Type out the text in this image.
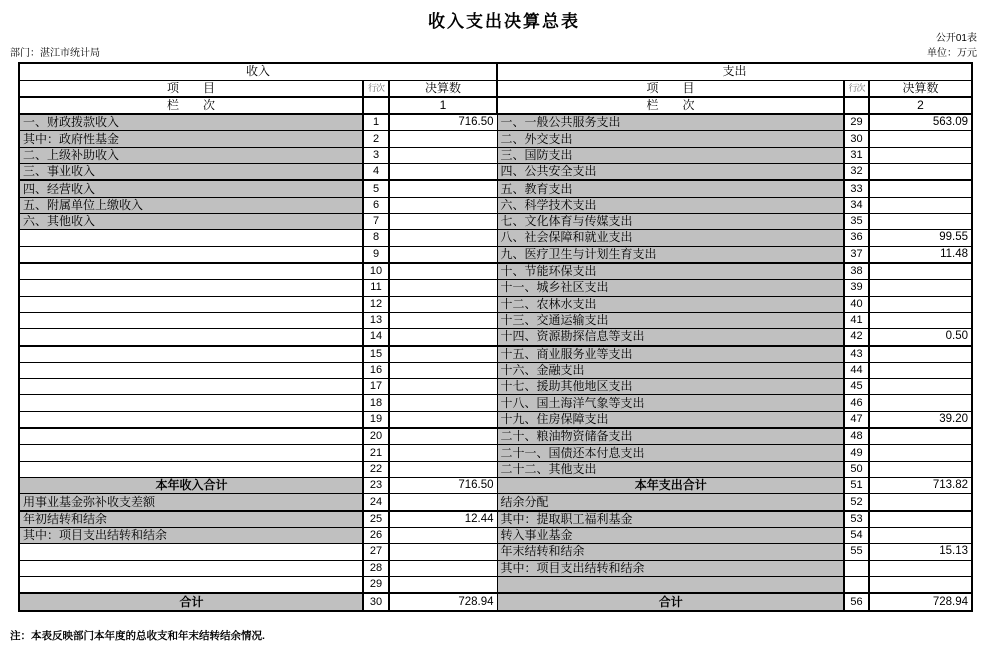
收入支出决算总表
公开01表
部门：湛江市统计局	单位：万元
收入			支出		
项　　目	行次	决算数	项　　目	行次	决算数
栏　　次		1	栏　　次		2
一、财政拨款收入	1	716.50	一、一般公共服务支出	29	563.09
其中：政府性基金	2		二、外交支出	30	
二、上级补助收入	3		三、国防支出	31	
三、事业收入	4		四、公共安全支出	32	
四、经营收入	5		五、教育支出	33	
五、附属单位上缴收入	6		六、科学技术支出	34	
六、其他收入	7		七、文化体育与传媒支出	35	
	8		八、社会保障和就业支出	36	99.55
	9		九、医疗卫生与计划生育支出	37	11.48
	10		十、节能环保支出	38	
	11		十一、城乡社区支出	39	
	12		十二、农林水支出	40	
	13		十三、交通运输支出	41	
	14		十四、资源勘探信息等支出	42	0.50
	15		十五、商业服务业等支出	43	
	16		十六、金融支出	44	
	17		十七、援助其他地区支出	45	
	18		十八、国土海洋气象等支出	46	
	19		十九、住房保障支出	47	39.20
	20		二十、粮油物资储备支出	48	
	21		二十一、国债还本付息支出	49	
	22		二十二、其他支出	50	
本年收入合计	23	716.50	本年支出合计	51	713.82
用事业基金弥补收支差额	24		结余分配	52	
年初结转和结余	25	12.44	其中：提取职工福利基金	53	
其中：项目支出结转和结余	26		转入事业基金	54	
	27		年末结转和结余	55	15.13
	28		其中：项目支出结转和结余		
	29				
合计	30	728.94	合计	56	728.94
注：本表反映部门本年度的总收支和年末结转结余情况.
